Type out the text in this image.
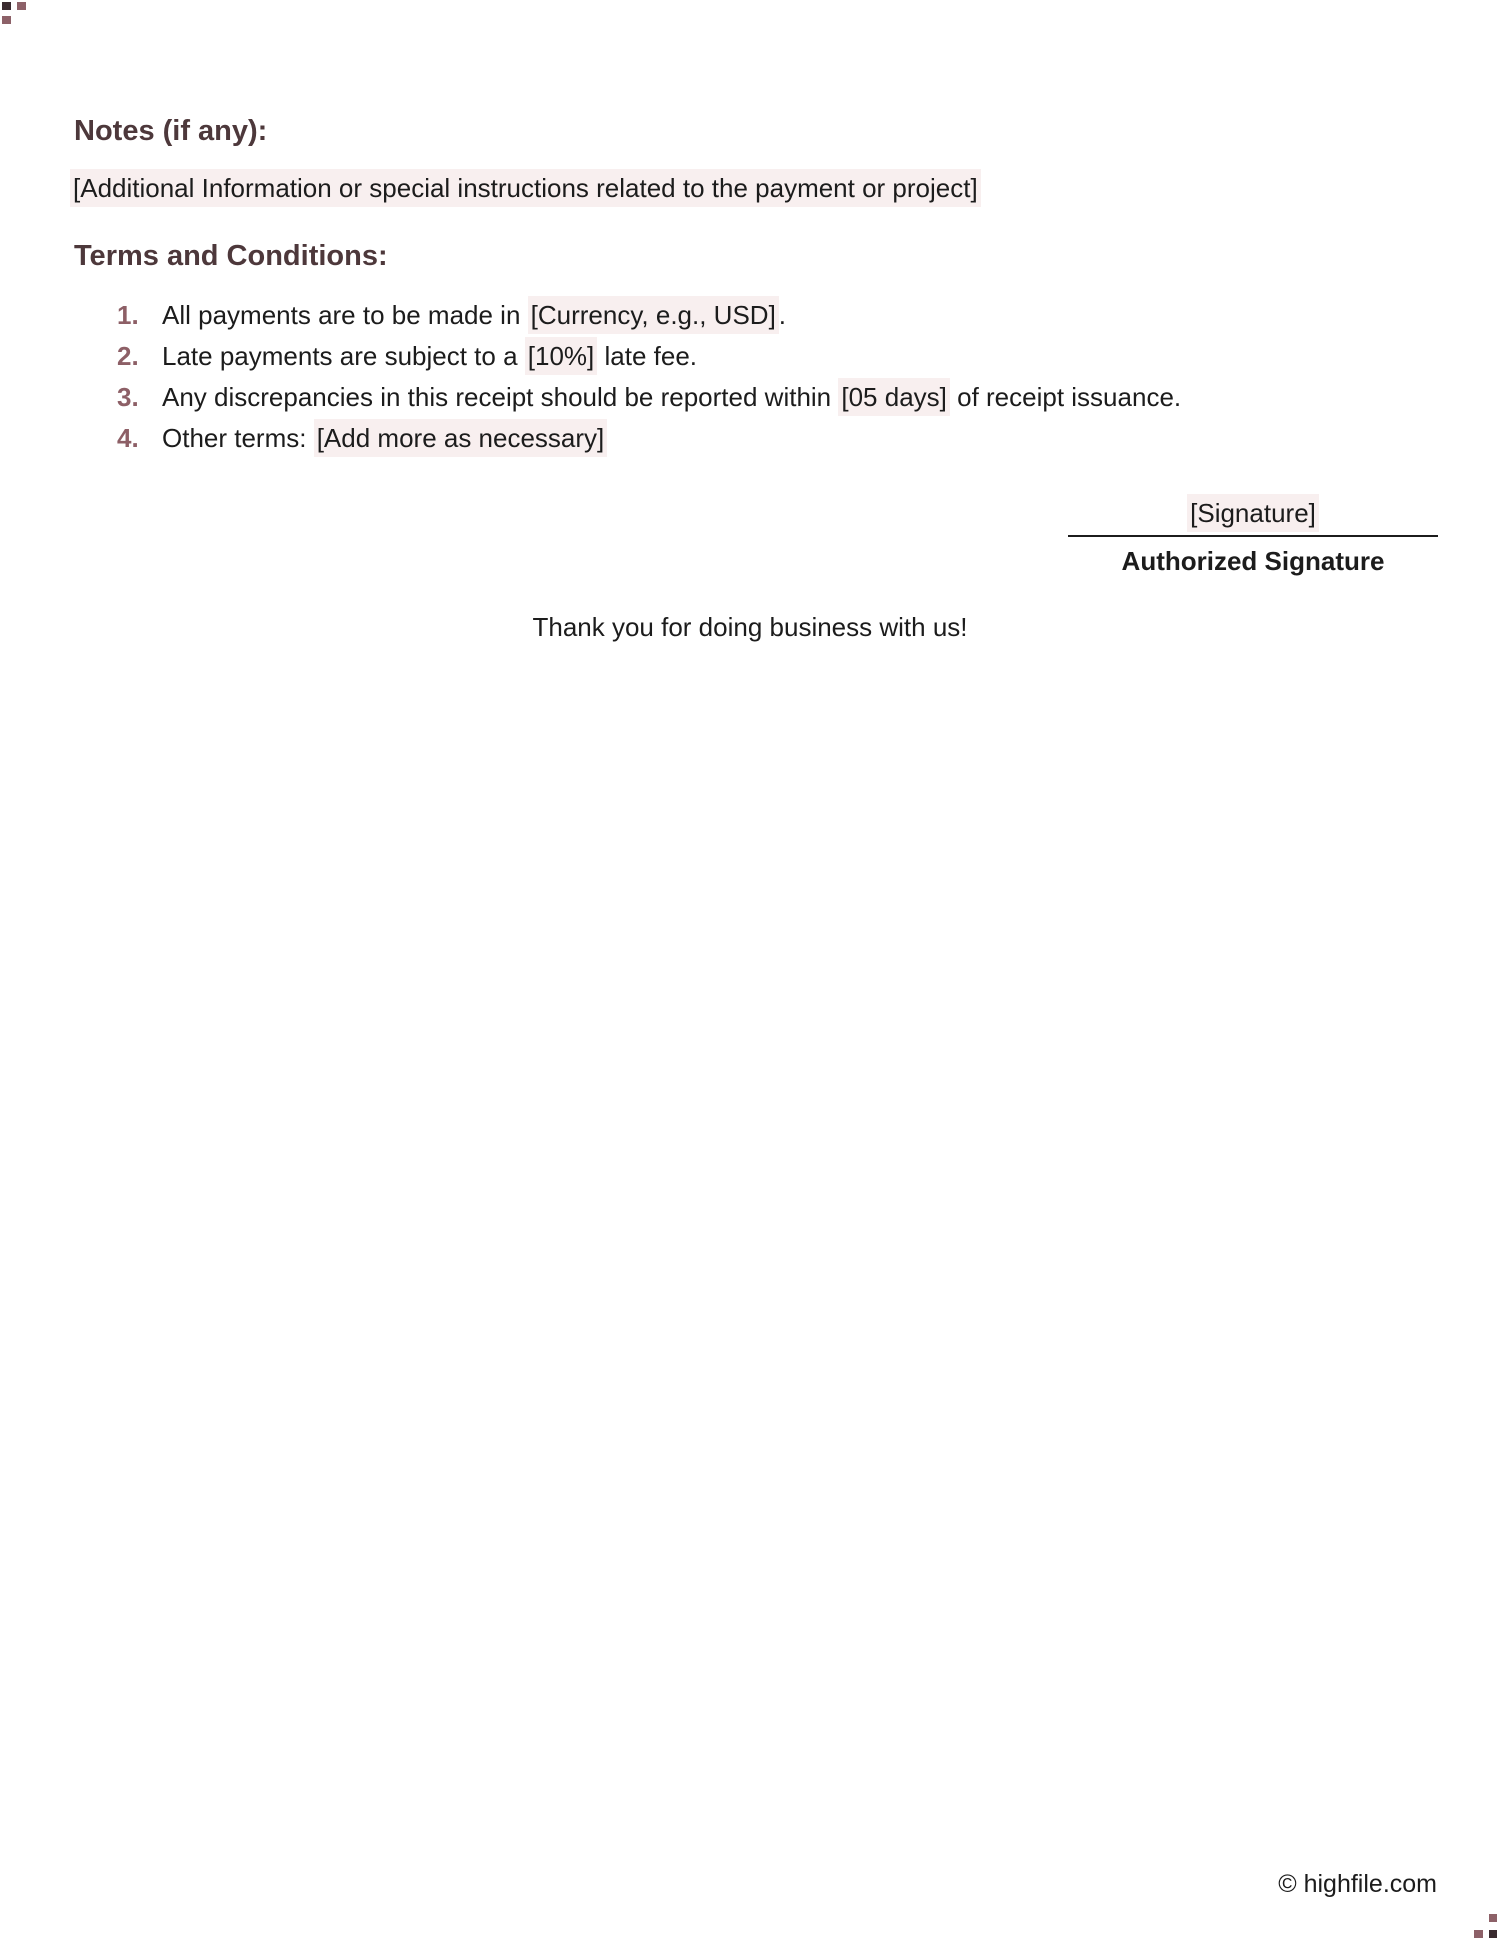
Notes (if any):

[Additional Information or special instructions related to the payment or project]

Terms and Conditions:
1. All payments are to be made in [Currency, e.g., USD] .
2. Late payments are subject to a [10%] late fee.
3. Any discrepancies in this receipt should be reported within [05 days] of receipt issuance.
4. Other terms: [Add more as necessary]
[Signature]
Authorized Signature
Thank you for doing business with us!
© highfile.com
